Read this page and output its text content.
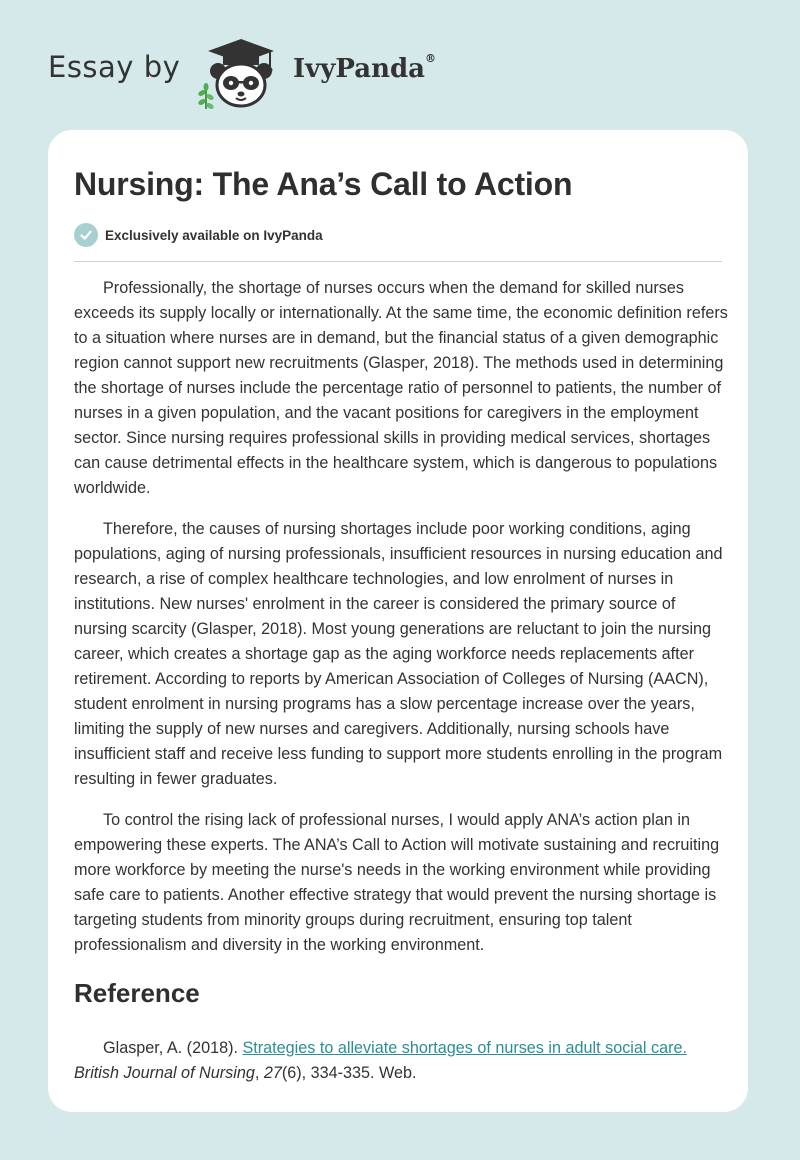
Essay by	IvyPanda®
Nursing: The Ana’s Call to Action
Exclusively available on IvyPanda

Professionally, the shortage of nurses occurs when the demand for skilled nurses exceeds its supply locally or internationally. At the same time, the economic definition refers to a situation where nurses are in demand, but the financial status of a given demographic region cannot support new recruitments (Glasper, 2018). The methods used in determining the shortage of nurses include the percentage ratio of personnel to patients, the number of nurses in a given population, and the vacant positions for caregivers in the employment sector. Since nursing requires professional skills in providing medical services, shortages can cause detrimental effects in the healthcare system, which is dangerous to populations worldwide.

Therefore, the causes of nursing shortages include poor working conditions, aging populations, aging of nursing professionals, insufficient resources in nursing education and research, a rise of complex healthcare technologies, and low enrolment of nurses in institutions. New nurses' enrolment in the career is considered the primary source of nursing scarcity (Glasper, 2018). Most young generations are reluctant to join the nursing career, which creates a shortage gap as the aging workforce needs replacements after retirement. According to reports by American Association of Colleges of Nursing (AACN), student enrolment in nursing programs has a slow percentage increase over the years, limiting the supply of new nurses and caregivers. Additionally, nursing schools have insufficient staff and receive less funding to support more students enrolling in the program resulting in fewer graduates.

To control the rising lack of professional nurses, I would apply ANA’s action plan in empowering these experts. The ANA’s Call to Action will motivate sustaining and recruiting more workforce by meeting the nurse's needs in the working environment while providing safe care to patients. Another effective strategy that would prevent the nursing shortage is targeting students from minority groups during recruitment, ensuring top talent professionalism and diversity in the working environment.

Reference

Glasper, A. (2018). Strategies to alleviate shortages of nurses in adult social care.
British Journal of Nursing, 27(6), 334-335. Web.
